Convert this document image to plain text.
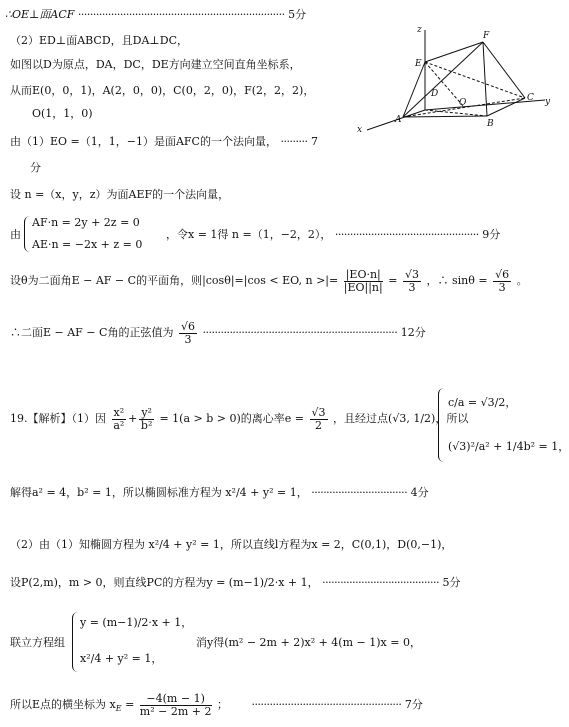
∴OE⊥面ACF ····································································· 5分
（2）ED⊥面ABCD，且DA⊥DC，
如图以D为原点，DA，DC，DE方向建立空间直角坐标系，
从而E(0，0，1)，A(2，0，0)，C(0，2，0)，F(2，2，2)，
O(1，1，0)
z
E
F
D
O	C y
x
A	B
由（1）EO =（1，1，−1）是面AFC的一个法向量， ········· 7
分
设 n =（x，y，z）为面AEF的一个法向量，
由
AF·n = 2y + 2z = 0
AE·n = −2x + z = 0
，令x = 1得 n =（1，−2，2）， ················································ 9分
设θ为二面角E − AF − C的平面角，则|cosθ|=|cos < EO, n >|= $\frac{|EO\cdot n|}{|EO||n|} = \frac{√3}{3}$ ，∴ $\sin\theta = \frac{√6}{3}$ 。
∴二面E − AF − C角的正弦值为 $\frac{√6}{3}$ ································································· 12分
19.【解析】（1）因 $\frac{\text{x²}}{\text{a²}} + \frac{\text{y²}}{\text{b²}} = 1(a > b > 0)$的离心率$e = \frac{√3}{2}$ ，且经过点(√3, 1/2)，所以
c/a = √3/2，
(√3)²/a² + 1/4b² = 1，
解得a² = 4，b² = 1，所以椭圆标准方程为 x²/4 + y² = 1， ································ 4分
（2）由（1）知椭圆方程为 x²/4 + y² = 1，所以直线l方程为x = 2，C(0,1)，D(0,−1)，
设P(2,m)，m > 0，则直线PC的方程为y = (m−1)/2·x + 1， ······································· 5分
联立方程组
y = (m−1)/2·x + 1，
x²/4 + y² = 1，
消y得(m² − 2m + 2)x² + 4(m − 1)x = 0，
所以E点的横坐标为 $x_E = \frac{-4(m - 1)}{\text{m² − 2m + 2}}$ ； ·················································· 7分
